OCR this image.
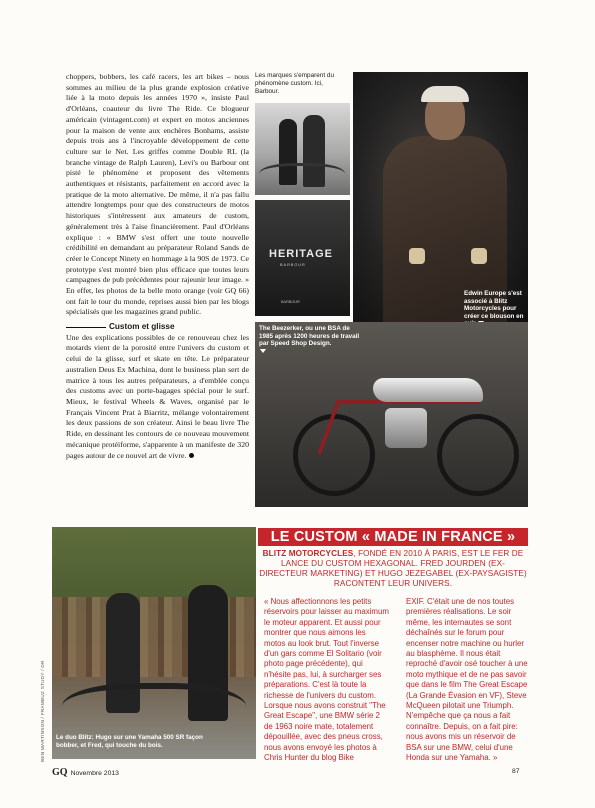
choppers, bobbers, les café racers, les art bikes – nous sommes au milieu de la plus grande explosion créative liée à la moto depuis les années 1970 », insiste Paul d'Orléans, coauteur du livre The Ride. Ce blogueur américain (vintagent.com) et expert en motos anciennes pour la maison de vente aux enchères Bonhams, assiste depuis trois ans à l'incroyable développement de cette culture sur le Net. Les griffes comme Double RL (la branche vintage de Ralph Lauren), Levi's ou Barbour ont pisté le phénomène et proposent des vêtements authentiques et résistants, parfaitement en accord avec la pratique de la moto alternative. De même, il n'a pas fallu attendre longtemps pour que des constructeurs de motos historiques s'intéressent aux amateurs de custom, généralement très à l'aise financièrement. Paul d'Orléans explique : « BMW s'est offert une toute nouvelle crédibilité en demandant au préparateur Roland Sands de créer le Concept Ninety en hommage à la 90S de 1973. Ce prototype s'est montré bien plus efficace que toutes leurs campagnes de pub précédentes pour rajeunir leur image. » En effet, les photos de la belle moto orange (voir GQ 66) ont fait le tour du monde, reprises aussi bien par les blogs spécialisés que les magazines grand public.

Custom et glisse

Une des explications possibles de ce renouveau chez les motards vient de la porosité entre l'univers du custom et celui de la glisse, surf et skate en tête. Le préparateur australien Deus Ex Machina, dont le business plan sert de matrice à tous les autres préparateurs, a d'emblée conçu des customs avec un porte-bagages spécial pour le surf. Mieux, le festival Wheels & Waves, organisé par le Français Vincent Prat à Biarritz, mélange volontairement les deux passions de son créateur. Ainsi le beau livre The Ride, en dessinant les contours de ce nouveau mouvement mécanique protéiforme, s'apparente à un manifeste de 320 pages autour de ce nouvel art de vivre.

Les marques s'emparent du phénomène custom. Ici, Barbour.
HERITAGE
BARBOUR
BARBOUR
Edwin Europe s'est associé à Blitz Motorcycles pour créer ce blouson en
The Beezerker, ou une BSA de 1985 après 1200 heures de travail par Speed Shop Design.

Le duo Blitz: Hugo sur une Yamaha 500 SR façon bobber, et Fred, qui touche du bois.
BEN MARTINSON / FRAMBUZ STUDY / DR
LE CUSTOM « MADE IN FRANCE »
BLITZ MOTORCYCLES, FONDÉ EN 2010 À PARIS, EST LE FER DE LANCE DU CUSTOM HEXAGONAL. FRED JOURDEN (EX-DIRECTEUR MARKETING) ET HUGO JEZEGABEL (EX-PAYSAGISTE) RACONTENT LEUR UNIVERS.

« Nous affectionnons les petits réservoirs pour laisser au maximum le moteur apparent. Et aussi pour montrer que nous aimons les motos au look brut. Tout l'inverse d'un gars comme El Solitario (voir photo page précédente), qui n'hésite pas, lui, à surcharger ses préparations. C'est là toute la richesse de l'univers du custom. Lorsque nous avons construit "The Great Escape", une BMW série 2 de 1963 noire mate, totalement dépouillée, avec des pneus cross, nous avons envoyé les photos à Chris Hunter du blog Bike

EXIF. C'était une de nos toutes premières réalisations. Le soir même, les internautes se sont déchaînés sur le forum pour encenser notre machine ou hurler au blasphème. Il nous était reproché d'avoir osé toucher à une moto mythique et de ne pas savoir que dans le film The Great Escape (La Grande Évasion en VF), Steve McQueen pilotait une Triumph. N'empêche que ça nous a fait connaître. Depuis, on a fait pire: nous avons mis un réservoir de BSA sur une BMW, celui d'une Honda sur une Yamaha. »

GQ Novembre 2013	87
